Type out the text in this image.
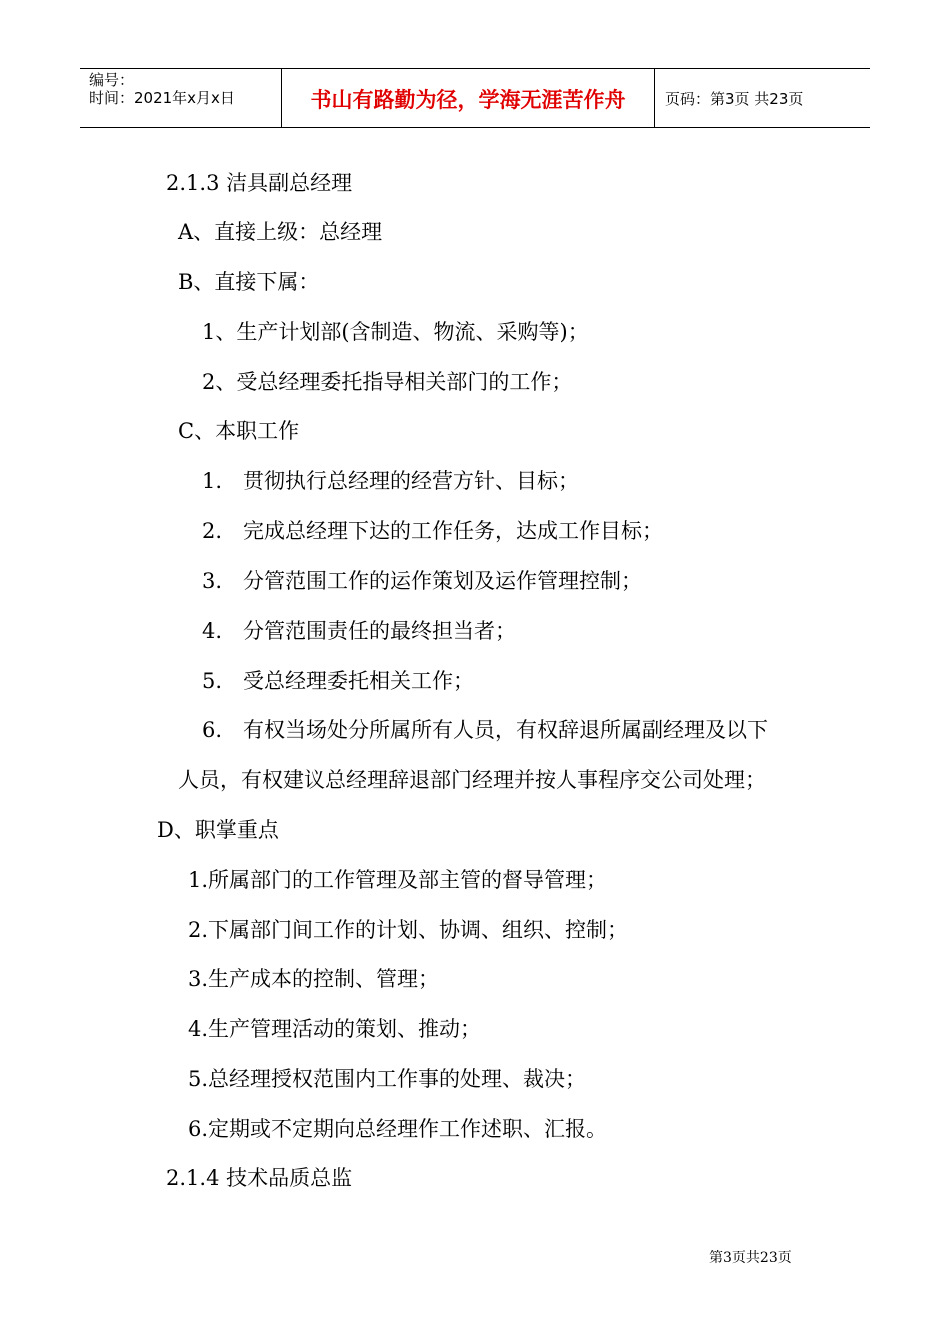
编号：
时间：2021年x月x日	书山有路勤为径，学海无涯苦作舟	页码：第3页 共23页
2.1.3 洁具副总经理
A、直接上级：总经理
B、直接下属：
1、生产计划部(含制造、物流、采购等)；
2、受总经理委托指导相关部门的工作；
C、本职工作
1.　贯彻执行总经理的经营方针、目标；
2.　完成总经理下达的工作任务，达成工作目标；
3.　分管范围工作的运作策划及运作管理控制；
4.　分管范围责任的最终担当者；
5.　受总经理委托相关工作；
6.　有权当场处分所属所有人员，有权辞退所属副经理及以下
人员，有权建议总经理辞退部门经理并按人事程序交公司处理；
D、职掌重点
1.所属部门的工作管理及部主管的督导管理；
2.下属部门间工作的计划、协调、组织、控制；
3.生产成本的控制、管理；
4.生产管理活动的策划、推动；
5.总经理授权范围内工作事的处理、裁决；
6.定期或不定期向总经理作工作述职、汇报。
2.1.4 技术品质总监
第3页共23页
